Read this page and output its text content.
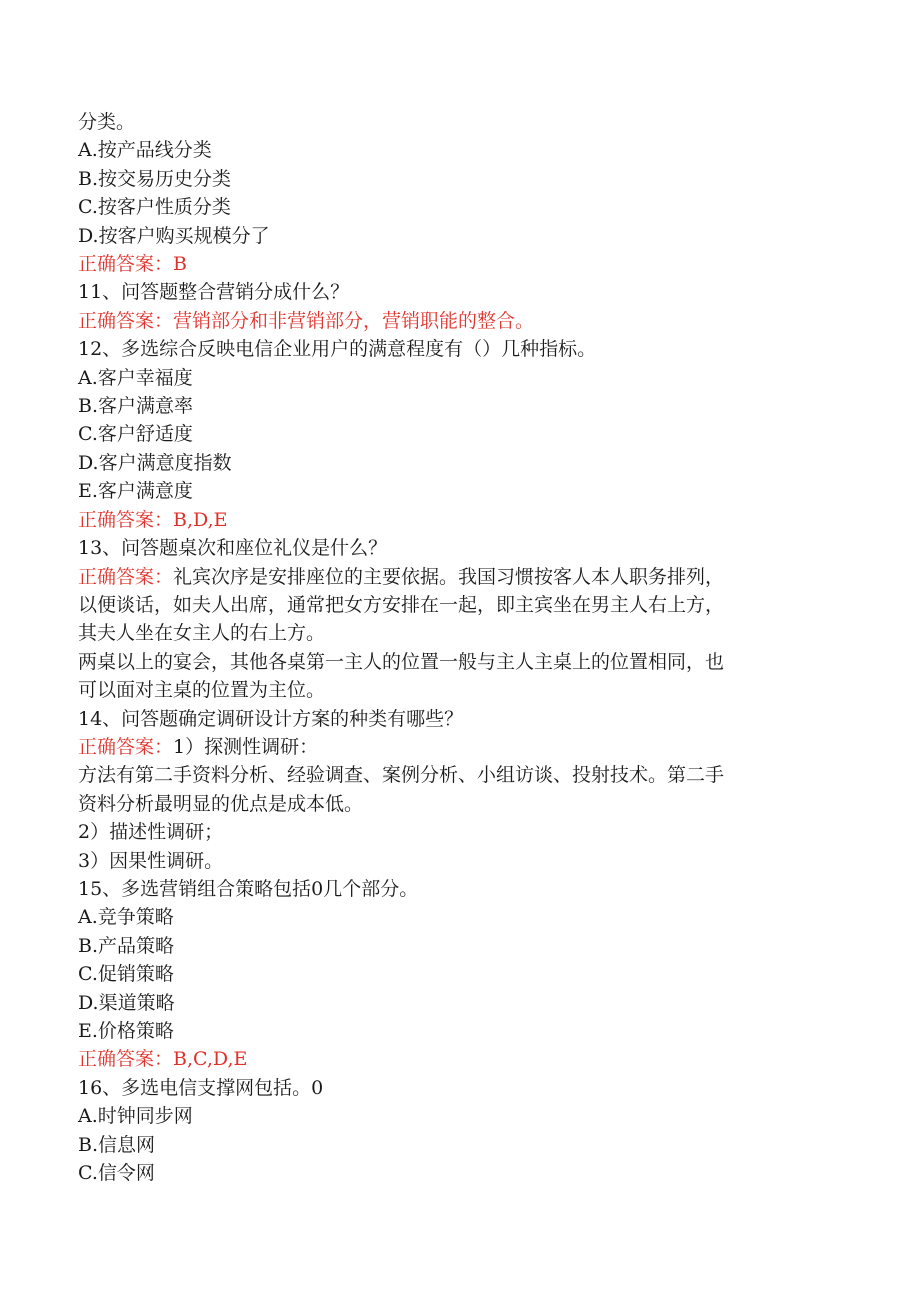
分类。

A.按产品线分类

B.按交易历史分类

C.按客户性质分类

D.按客户购买规模分了

正确答案：B

11、问答题整合营销分成什么？

正确答案：营销部分和非营销部分，营销职能的整合。

12、多选综合反映电信企业用户的满意程度有（）几种指标。

A.客户幸福度

B.客户满意率

C.客户舒适度

D.客户满意度指数

E.客户满意度

正确答案：B,D,E

13、问答题桌次和座位礼仪是什么？

正确答案：礼宾次序是安排座位的主要依据。我国习惯按客人本人职务排列，

以便谈话，如夫人出席，通常把女方安排在一起，即主宾坐在男主人右上方，

其夫人坐在女主人的右上方。

两桌以上的宴会，其他各桌第一主人的位置一般与主人主桌上的位置相同，也

可以面对主桌的位置为主位。

14、问答题确定调研设计方案的种类有哪些？

正确答案：1）探测性调研：

方法有第二手资料分析、经验调查、案例分析、小组访谈、投射技术。第二手

资料分析最明显的优点是成本低。

2）描述性调研；

3）因果性调研。

15、多选营销组合策略包括0几个部分。

A.竞争策略

B.产品策略

C.促销策略

D.渠道策略

E.价格策略

正确答案：B,C,D,E

16、多选电信支撑网包括。0

A.时钟同步网

B.信息网

C.信令网
